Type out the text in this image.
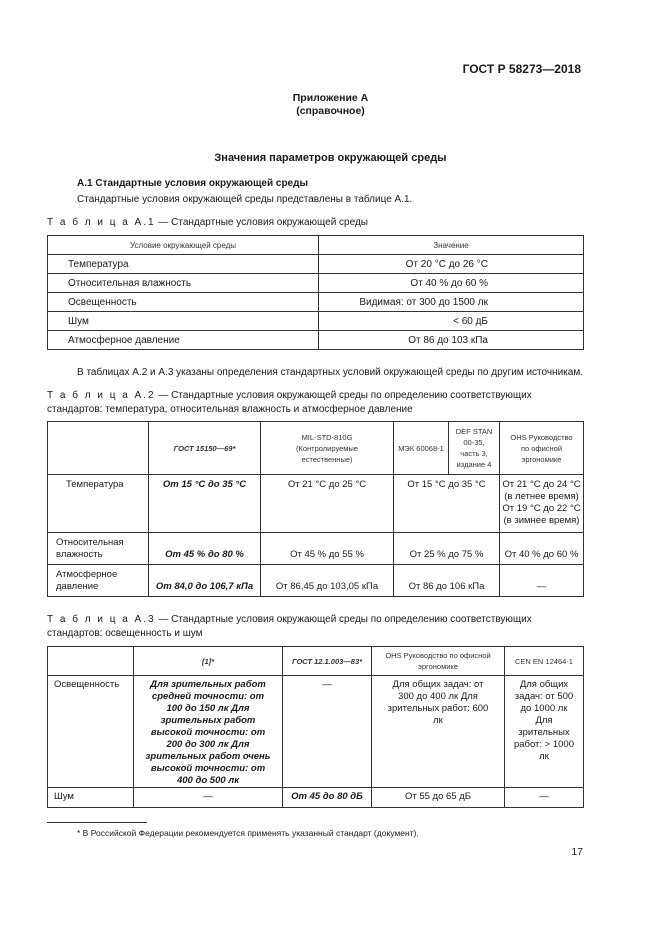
ГОСТ Р 58273—2018
Приложение А
(справочное)
Значения параметров окружающей среды
А.1 Стандартные условия окружающей среды
Стандартные условия окружающей среды представлены в таблице А.1.
Т а б л и ц а А.1 — Стандартные условия окружающей среды
Условие окружающей среды	Значение
Температура	От 20 °С до 26 °С
Относительная влажность	От 40 % до 60 %
Освещенность	Видимая: от 300 до 1500 лк
Шум	< 60 дБ
Атмосферное давление	От 86 до 103 кПа
В таблицах А.2 и А.3 указаны определения стандартных условий окружающей среды по другим источникам.
Т а б л и ц а А.2 — Стандартные условия окружающей среды по определению соответствующих стандартов: температура, относительная влажность и атмосферное давление
	ГОСТ 15150—69*	MIL-STD-810G (Контролируемые естественные)	МЭК 60068-1	DEF STAN 00-35, часть 3, издание 4	OHS Руководство по офисной эргономике
Температура	От 15 °С до 35 °С	От 21 °С до 25 °С	От 15 °С до 35 °С		От 21 °С до 24 °С (в летнее время) От 19 °С до 22 °С (в зимнее время)
Относительная влажность	От 45 % до 80 %	От 45 % до 55 %	От 25 % до 75 %		От 40 % до 60 %
Атмосферное давление	От 84,0 до 106,7 кПа	От 86,45 до 103,05 кПа	От 86 до 106 кПа		—
Т а б л и ц а А.3 — Стандартные условия окружающей среды по определению соответствующих стандартов: освещенность и шум
	[1]*	ГОСТ 12.1.003—83*	OHS Руководство по офисной эргономике	CEN EN 12464-1
Освещенность	Для зрительных работ средней точности: от 100 до 150 лк Для зрительных работ высокой точности: от 200 до 300 лк Для зрительных работ очень высокой точности: от 400 до 500 лк	—	Для общих задач: от 300 до 400 лк Для зрительных работ: 600 лк	Для общих задач: от 500 до 1000 лк Для зрительных работ: > 1000 лк
Шум	—	От 45 до 80 дБ	От 55 до 65 дБ	—
* В Российской Федерации рекомендуется применять указанный стандарт (документ).
17
